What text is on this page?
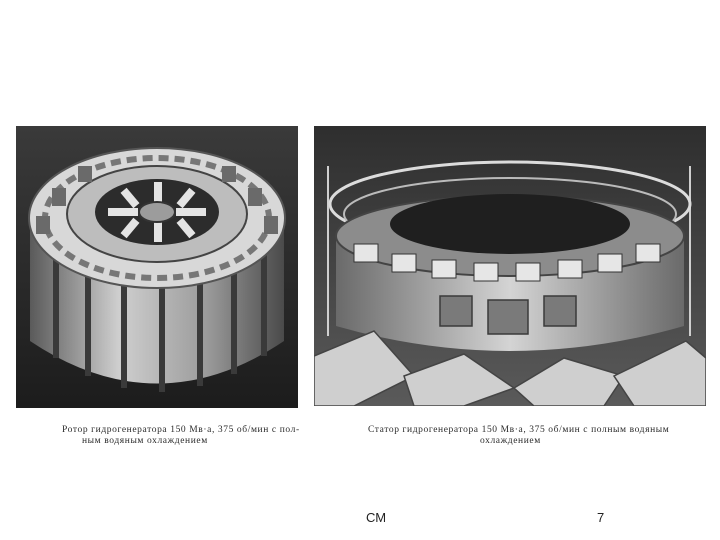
Ротор гидрогенератора 150 Мв·а, 375 об/мин с пол-
ным водяным охлаждением
Статор гидрогенератора 150 Мв·а, 375 об/мин с полным водяным
охлаждением
СМ	7
